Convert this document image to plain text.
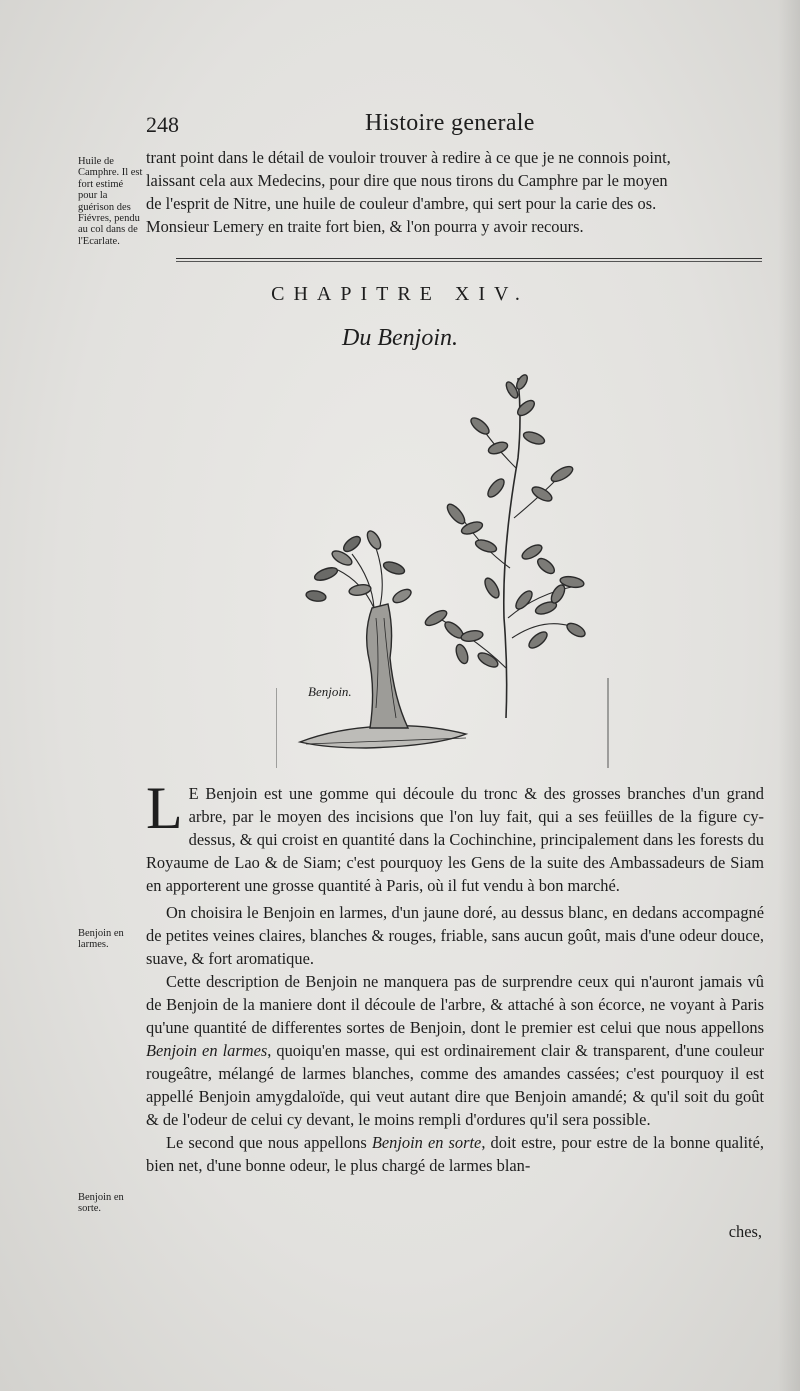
248	Histoire generale
Huile de Camphre. Il est fort estimé pour la guérison des Fiévres, pendu au col dans de l'Ecarlate.
Benjoin en larmes.
Benjoin en sorte.
trant point dans le détail de vouloir trouver à redire à ce que je ne connois point,
laissant cela aux Medecins, pour dire que nous tirons du Camphre par le moyen
de l'esprit de Nitre, une huile de couleur d'ambre, qui sert pour la carie des os.
Monsieur Lemery en traite fort bien, & l'on pourra y avoir recours.
CHAPITRE XIV.
Du Benjoin.
Benjoin.

L E Benjoin est une gomme qui découle du tronc & des grosses branches d'un grand arbre, par le moyen des incisions que l'on luy fait, qui a ses feüilles de la figure cy-dessus, & qui croist en quantité dans la Cochinchine, principalement dans les forests du Royaume de Lao & de Siam; c'est pourquoy les Gens de la suite des Ambassadeurs de Siam en apporterent une grosse quantité à Paris, où il fut vendu à bon marché.

On choisira le Benjoin en larmes, d'un jaune doré, au dessus blanc, en dedans accompagné de petites veines claires, blanches & rouges, friable, sans aucun goût, mais d'une odeur douce, suave, & fort aromatique.

Cette description de Benjoin ne manquera pas de surprendre ceux qui n'auront jamais vû de Benjoin de la maniere dont il découle de l'arbre, & attaché à son écorce, ne voyant à Paris qu'une quantité de differentes sortes de Benjoin, dont le premier est celui que nous appellons Benjoin en larmes, quoiqu'en masse, qui est ordinairement clair & transparent, d'une couleur rougeâtre, mélangé de larmes blanches, comme des amandes cassées; c'est pourquoy il est appellé Benjoin amygdaloïde, qui veut autant dire que Benjoin amandé; & qu'il soit du goût & de l'odeur de celui cy devant, le moins rempli d'ordures qu'il sera possible.

Le second que nous appellons Benjoin en sorte, doit estre, pour estre de la bonne qualité, bien net, d'une bonne odeur, le plus chargé de larmes blan-

ches,
